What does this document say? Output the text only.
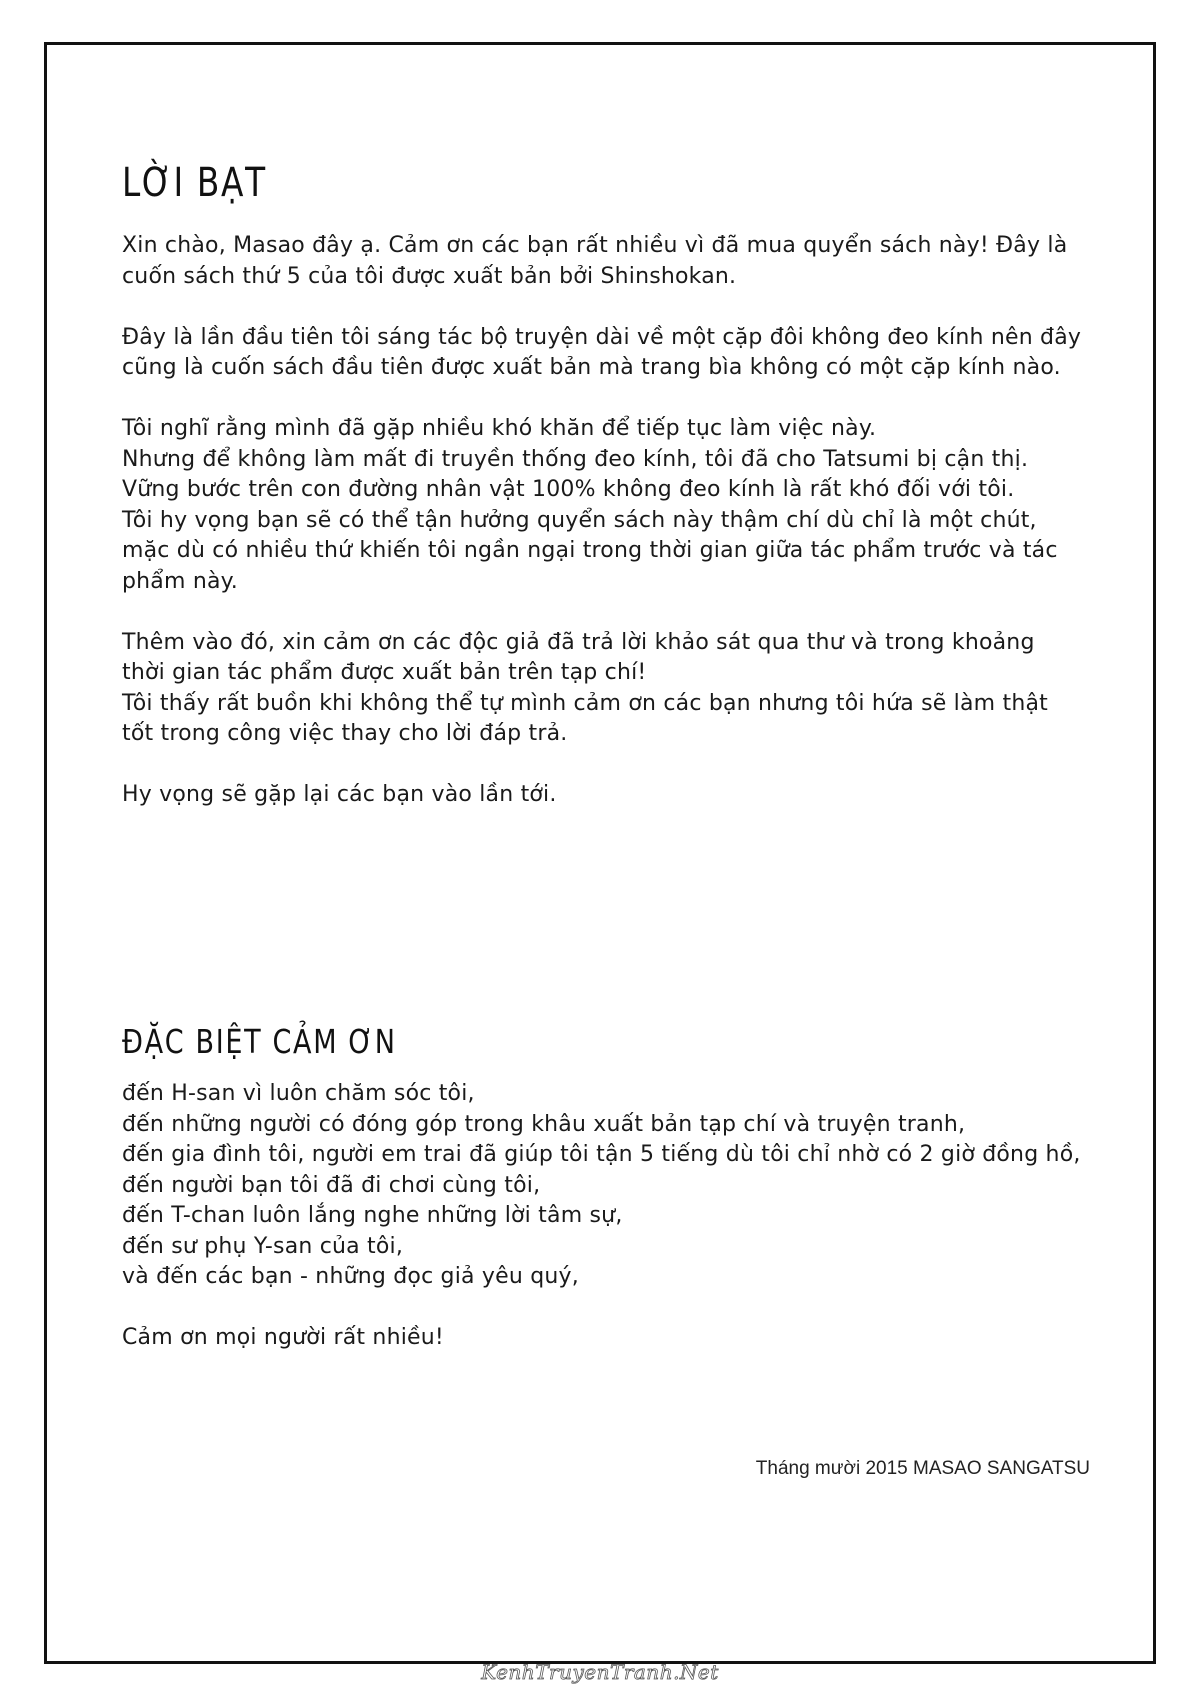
LỜI BẠT
Xin chào, Masao đây ạ. Cảm ơn các bạn rất nhiều vì đã mua quyển sách này! Đây là
cuốn sách thứ 5 của tôi được xuất bản bởi Shinshokan.
Đây là lần đầu tiên tôi sáng tác bộ truyện dài về một cặp đôi không đeo kính nên đây
cũng là cuốn sách đầu tiên được xuất bản mà trang bìa không có một cặp kính nào.
Tôi nghĩ rằng mình đã gặp nhiều khó khăn để tiếp tục làm việc này.
Nhưng để không làm mất đi truyền thống đeo kính, tôi đã cho Tatsumi bị cận thị.
Vững bước trên con đường nhân vật 100% không đeo kính là rất khó đối với tôi.
Tôi hy vọng bạn sẽ có thể tận hưởng quyển sách này thậm chí dù chỉ là một chút,
mặc dù có nhiều thứ khiến tôi ngần ngại trong thời gian giữa tác phẩm trước và tác
phẩm này.
Thêm vào đó, xin cảm ơn các độc giả đã trả lời khảo sát qua thư và trong khoảng
thời gian tác phẩm được xuất bản trên tạp chí!
Tôi thấy rất buồn khi không thể tự mình cảm ơn các bạn nhưng tôi hứa sẽ làm thật
tốt trong công việc thay cho lời đáp trả.
Hy vọng sẽ gặp lại các bạn vào lần tới.
ĐẶC BIỆT CẢM ƠN
đến H-san vì luôn chăm sóc tôi,
đến những người có đóng góp trong khâu xuất bản tạp chí và truyện tranh,
đến gia đình tôi, người em trai đã giúp tôi tận 5 tiếng dù tôi chỉ nhờ có 2 giờ đồng hồ,
đến người bạn tôi đã đi chơi cùng tôi,
đến T-chan luôn lắng nghe những lời tâm sự,
đến sư phụ Y-san của tôi,
và đến các bạn - những đọc giả yêu quý,
Cảm ơn mọi người rất nhiều!
Tháng mười 2015 MASAO SANGATSU
KenhTruyenTranh.Net
